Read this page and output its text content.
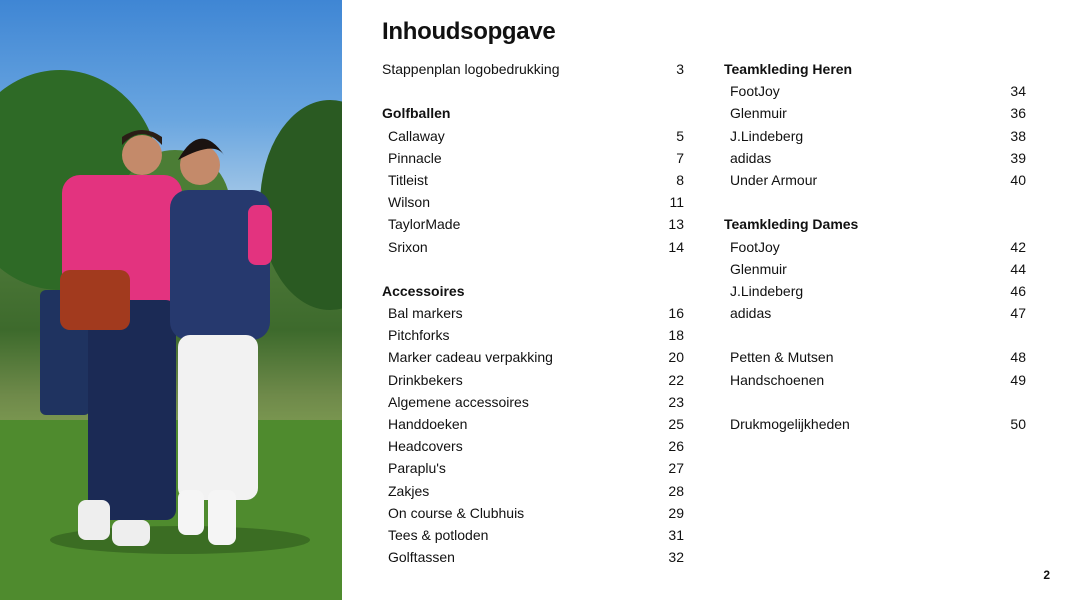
Inhoudsopgave
Stappenplan logobedrukking	3
Golfballen
Callaway	5
Pinnacle	7
Titleist	8
Wilson	11
TaylorMade	13
Srixon	14
Accessoires
Bal markers	16
Pitchforks	18
Marker cadeau verpakking	20
Drinkbekers	22
Algemene accessoires	23
Handdoeken	25
Headcovers	26
Paraplu's	27
Zakjes	28
On course & Clubhuis	29
Tees & potloden	31
Golftassen	32
Teamkleding Heren
FootJoy	34
Glenmuir	36
J.Lindeberg	38
adidas	39
Under Armour	40
Teamkleding Dames
FootJoy	42
Glenmuir	44
J.Lindeberg	46
adidas	47
Petten & Mutsen	48
Handschoenen	49
Drukmogelijkheden	50
2
